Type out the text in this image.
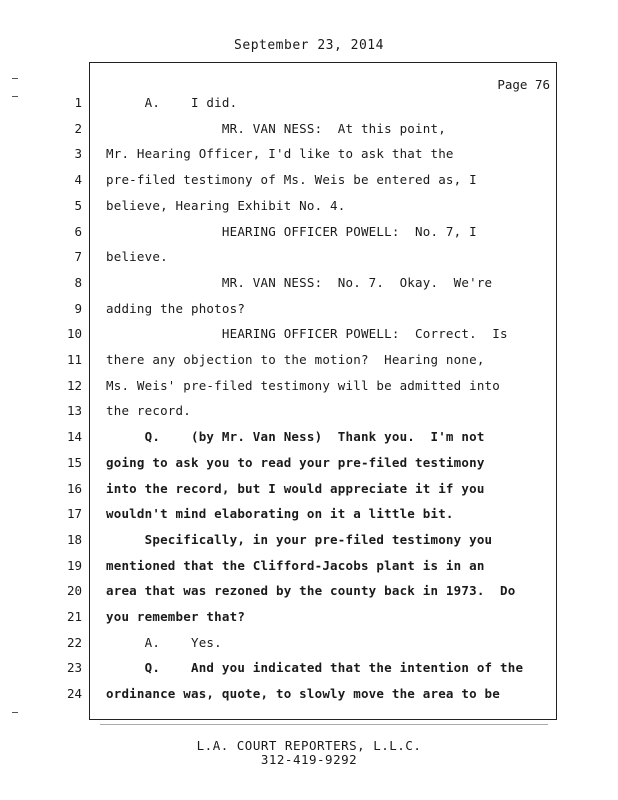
September 23, 2014
Page 76
1 A.    I did.
2 MR. VAN NESS:  At this point,
3 Mr. Hearing Officer, I'd like to ask that the
4 pre-filed testimony of Ms. Weis be entered as, I
5 believe, Hearing Exhibit No. 4.
6 HEARING OFFICER POWELL:  No. 7, I
7 believe.
8 MR. VAN NESS:  No. 7.  Okay.  We're
9 adding the photos?
10 HEARING OFFICER POWELL:  Correct.  Is
11 there any objection to the motion?  Hearing none,
12 Ms. Weis' pre-filed testimony will be admitted into
13 the record.
14 Q.    (by Mr. Van Ness)  Thank you.  I'm not
15 going to ask you to read your pre-filed testimony
16 into the record, but I would appreciate it if you
17 wouldn't mind elaborating on it a little bit.
18 Specifically, in your pre-filed testimony you
19 mentioned that the Clifford-Jacobs plant is in an
20 area that was rezoned by the county back in 1973.  Do
21 you remember that?
22 A.    Yes.
23 Q.    And you indicated that the intention of the
24 ordinance was, quote, to slowly move the area to be
L.A. COURT REPORTERS, L.L.C.
312-419-9292
